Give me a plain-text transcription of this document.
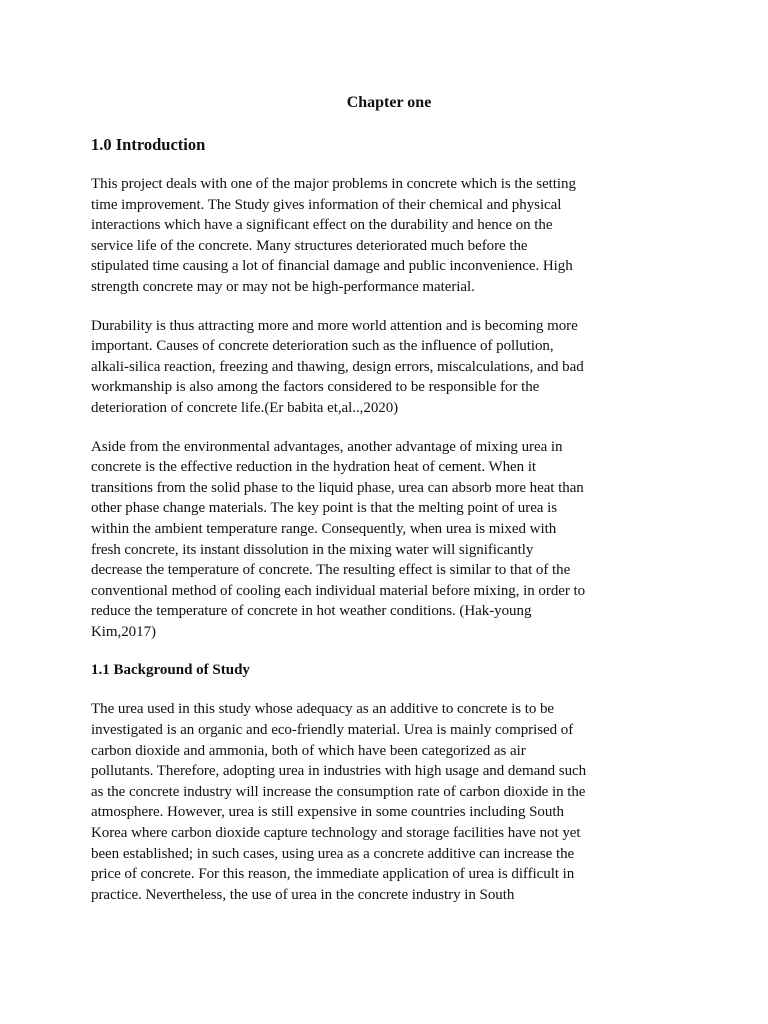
Chapter one
1.0 Introduction

This project deals with one of the major problems in concrete which is the setting
time improvement. The Study gives information of their chemical and physical
interactions which have a significant effect on the durability and hence on the
service life of the concrete. Many structures deteriorated much before the
stipulated time causing a lot of financial damage and public inconvenience. High
strength concrete may or may not be high-performance material.

Durability is thus attracting more and more world attention and is becoming more
important. Causes of concrete deterioration such as the influence of pollution,
alkali-silica reaction, freezing and thawing, design errors, miscalculations, and bad
workmanship is also among the factors considered to be responsible for the
deterioration of concrete life.(Er babita et,al..,2020)

Aside from the environmental advantages, another advantage of mixing urea in
concrete is the effective reduction in the hydration heat of cement. When it
transitions from the solid phase to the liquid phase, urea can absorb more heat than
other phase change materials. The key point is that the melting point of urea is
within the ambient temperature range. Consequently, when urea is mixed with
fresh concrete, its instant dissolution in the mixing water will significantly
decrease the temperature of concrete. The resulting effect is similar to that of the
conventional method of cooling each individual material before mixing, in order to
reduce the temperature of concrete in hot weather conditions. (Hak-young
Kim,2017)

1.1 Background of Study

The urea used in this study whose adequacy as an additive to concrete is to be
investigated is an organic and eco-friendly material. Urea is mainly comprised of
carbon dioxide and ammonia, both of which have been categorized as air
pollutants. Therefore, adopting urea in industries with high usage and demand such
as the concrete industry will increase the consumption rate of carbon dioxide in the
atmosphere. However, urea is still expensive in some countries including South
Korea where carbon dioxide capture technology and storage facilities have not yet
been established; in such cases, using urea as a concrete additive can increase the
price of concrete. For this reason, the immediate application of urea is difficult in
practice. Nevertheless, the use of urea in the concrete industry in South
